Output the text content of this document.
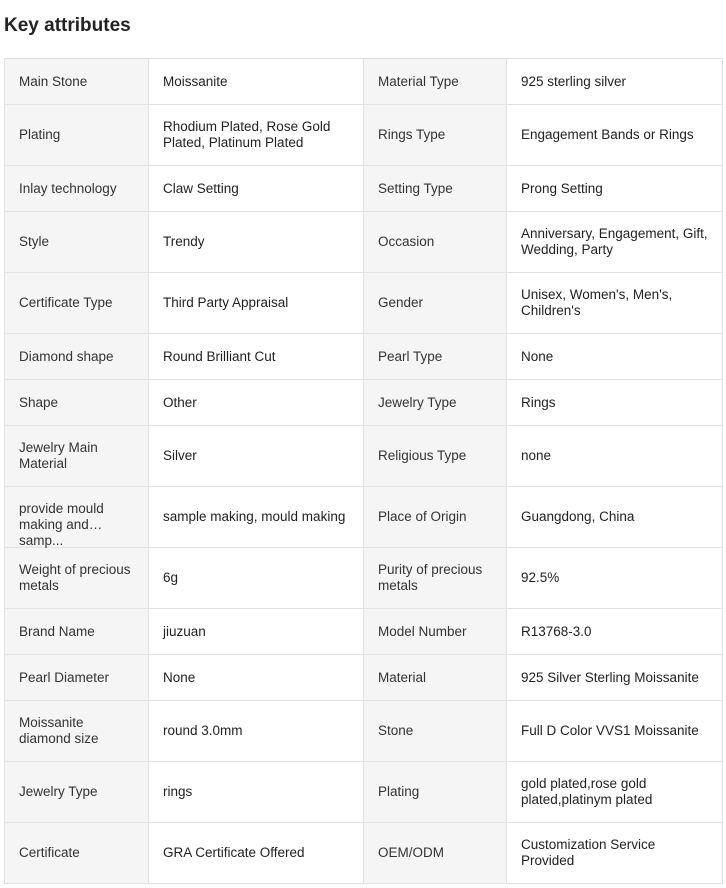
Key attributes
Main Stone	Moissanite	Material Type	925 sterling silver

Plating	Rhodium Plated, Rose Gold Plated, Platinum Plated	Rings Type	Engagement Bands or Rings

Inlay technology	Claw Setting	Setting Type	Prong Setting

Style	Trendy	Occasion	Anniversary, Engagement, Gift, Wedding, Party

Certificate Type	Third Party Appraisal	Gender	Unisex, Women's, Men's, Children's

Diamond shape	Round Brilliant Cut	Pearl Type	None

Shape	Other	Jewelry Type	Rings

Jewelry Main Material	Silver	Religious Type	none

provide mould making and samp...	sample making, mould making	Place of Origin	Guangdong, China

Weight of precious metals	6g	Purity of precious metals	92.5%

Brand Name	jiuzuan	Model Number	R13768-3.0

Pearl Diameter	None	Material	925 Silver Sterling Moissanite

Moissanite diamond size	round 3.0mm	Stone	Full D Color VVS1 Moissanite

Jewelry Type	rings	Plating	gold plated,rose gold plated,platinym plated

Certificate	GRA Certificate Offered	OEM/ODM	Customization Service Provided
